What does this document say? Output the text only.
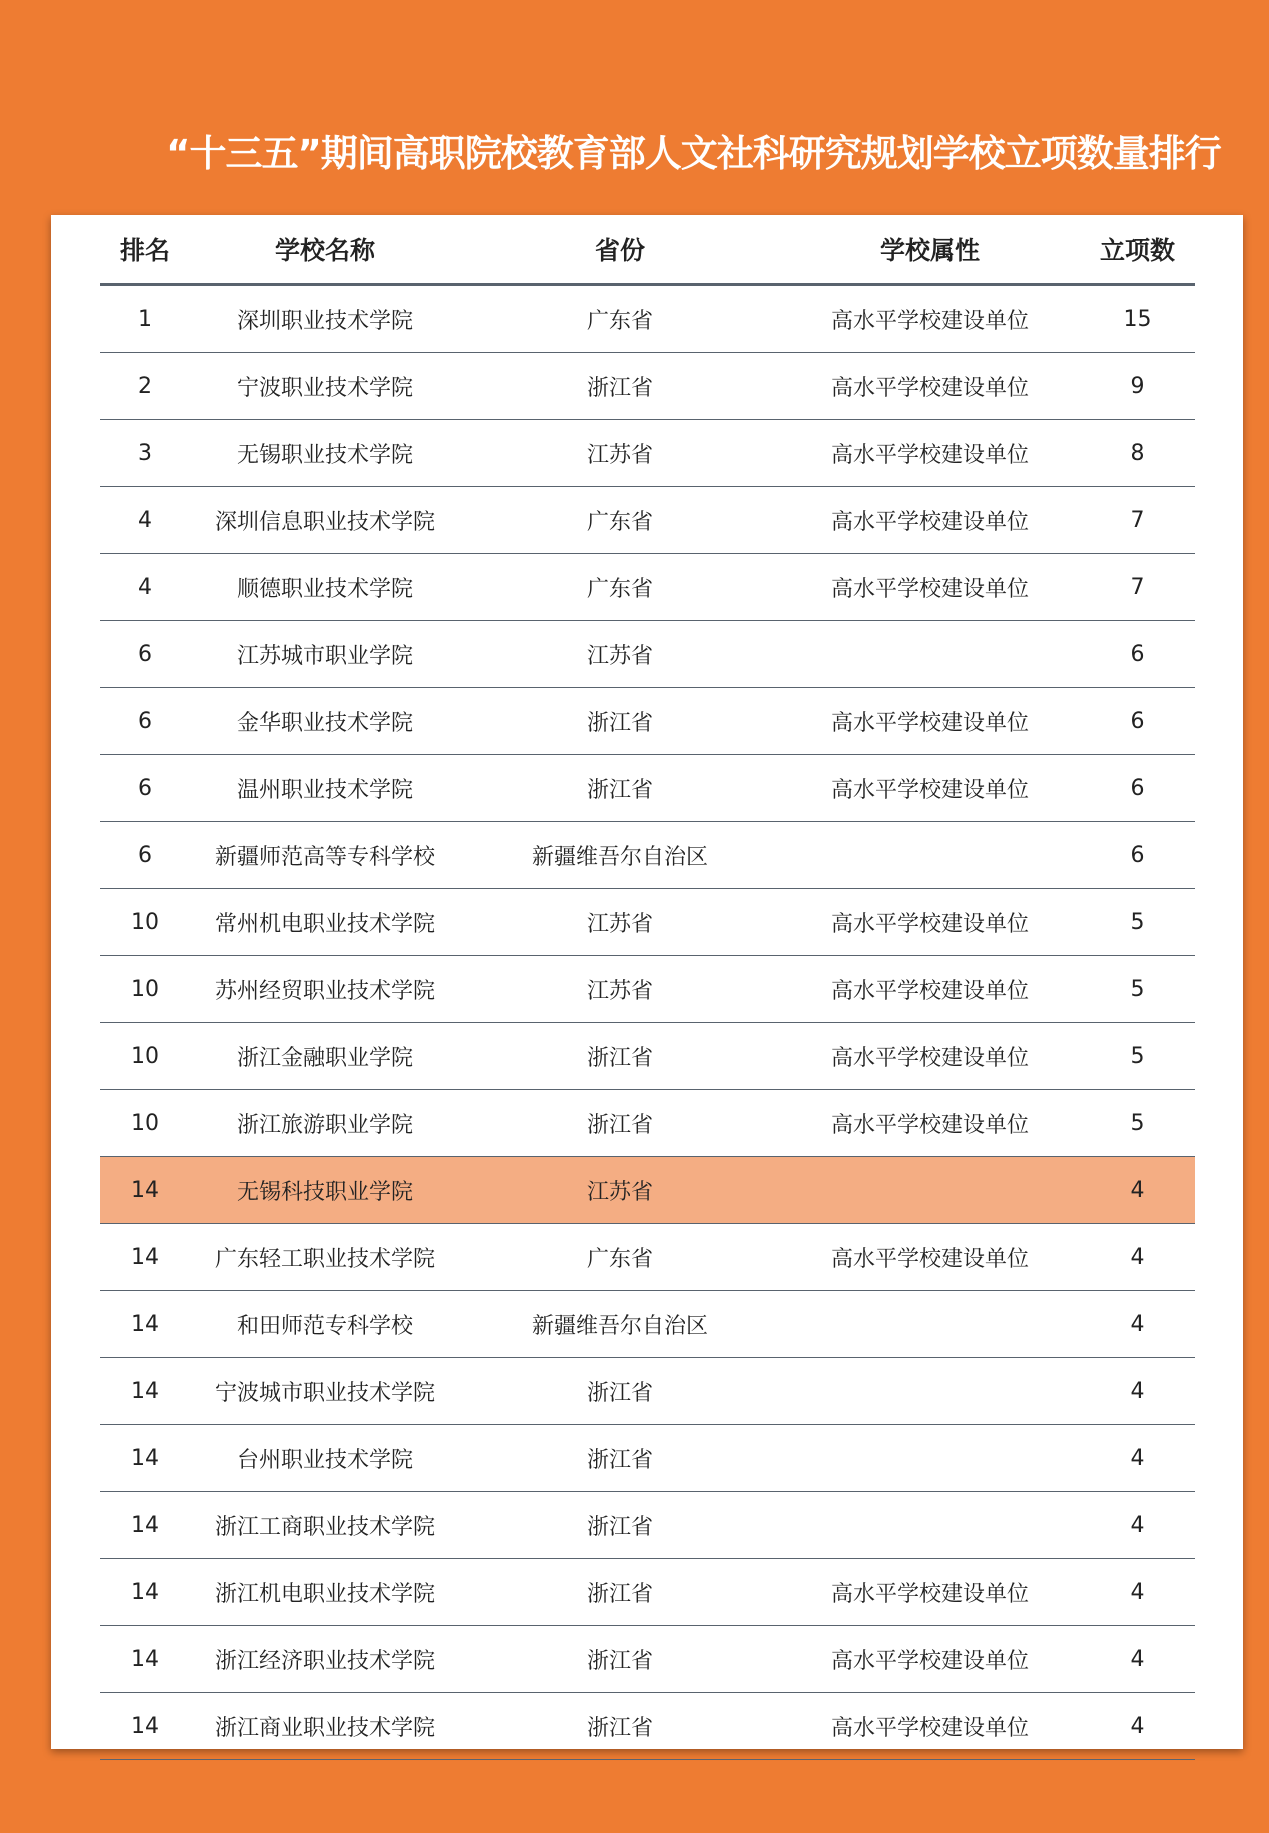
“十三五”期间高职院校教育部人文社科研究规划学校立项数量排行
排名	学校名称	省份	学校属性	立项数
1	深圳职业技术学院	广东省	高水平学校建设单位	15
2	宁波职业技术学院	浙江省	高水平学校建设单位	9
3	无锡职业技术学院	江苏省	高水平学校建设单位	8
4	深圳信息职业技术学院	广东省	高水平学校建设单位	7
4	顺德职业技术学院	广东省	高水平学校建设单位	7
6	江苏城市职业学院	江苏省		6
6	金华职业技术学院	浙江省	高水平学校建设单位	6
6	温州职业技术学院	浙江省	高水平学校建设单位	6
6	新疆师范高等专科学校	新疆维吾尔自治区		6
10	常州机电职业技术学院	江苏省	高水平学校建设单位	5
10	苏州经贸职业技术学院	江苏省	高水平学校建设单位	5
10	浙江金融职业学院	浙江省	高水平学校建设单位	5
10	浙江旅游职业学院	浙江省	高水平学校建设单位	5
14	无锡科技职业学院	江苏省		4
14	广东轻工职业技术学院	广东省	高水平学校建设单位	4
14	和田师范专科学校	新疆维吾尔自治区		4
14	宁波城市职业技术学院	浙江省		4
14	台州职业技术学院	浙江省		4
14	浙江工商职业技术学院	浙江省		4
14	浙江机电职业技术学院	浙江省	高水平学校建设单位	4
14	浙江经济职业技术学院	浙江省	高水平学校建设单位	4
14	浙江商业职业技术学院	浙江省	高水平学校建设单位	4
